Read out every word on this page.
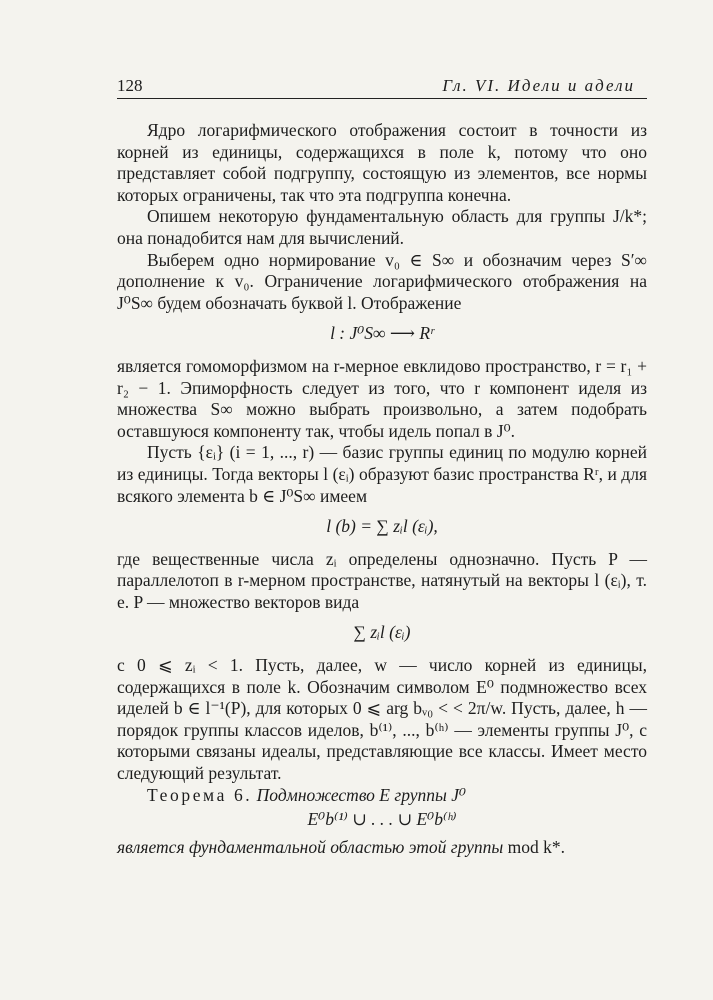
128	Гл. VI. Идели и адели

Ядро логарифмического отображения состоит в точности из корней из единицы, содержащихся в поле k, потому что оно представляет собой подгруппу, состоящую из элементов, все нормы которых ограничены, так что эта подгруппа конечна.

Опишем некоторую фундаментальную область для группы J/k*; она понадобится нам для вычислений.

Выберем одно нормирование v₀ ∈ S∞ и обозначим через S′∞ дополнение к v₀. Ограничение логарифмического отображения на J⁰S∞ будем обозначать буквой l. Отображение

l : J⁰S∞ ⟶ Rʳ

является гомоморфизмом на r-мерное евклидово пространство, r = r₁ + r₂ − 1. Эпиморфность следует из того, что r компонент иделя из множества S∞ можно выбрать произвольно, а затем подобрать оставшуюся компоненту так, чтобы идель попал в J⁰.

Пусть {εᵢ} (i = 1, ..., r) — базис группы единиц по модулю корней из единицы. Тогда векторы l (εᵢ) образуют базис пространства Rʳ, и для всякого элемента b ∈ J⁰S∞ имеем

l (b) = ∑ zᵢl (εᵢ),

где вещественные числа zᵢ определены однозначно. Пусть P — параллелотоп в r-мерном пространстве, натянутый на векторы l (εᵢ), т. е. P — множество векторов вида

∑ zᵢl (εᵢ)

с 0 ⩽ zᵢ < 1. Пусть, далее, w — число корней из единицы, содержащихся в поле k. Обозначим символом E⁰ подмножество всех иделей b ∈ l⁻¹(P), для которых 0 ⩽ arg bᵥ₀ < < 2π/w. Пусть, далее, h — порядок группы классов иделов, b⁽¹⁾, ..., b⁽ʰ⁾ — элементы группы J⁰, с которыми связаны идеалы, представляющие все классы. Имеет место следующий результат.

Теорема 6. Подмножество E группы J⁰

E⁰b⁽¹⁾ ∪ . . . ∪ E⁰b⁽ʰ⁾

является фундаментальной областью этой группы mod k*.
